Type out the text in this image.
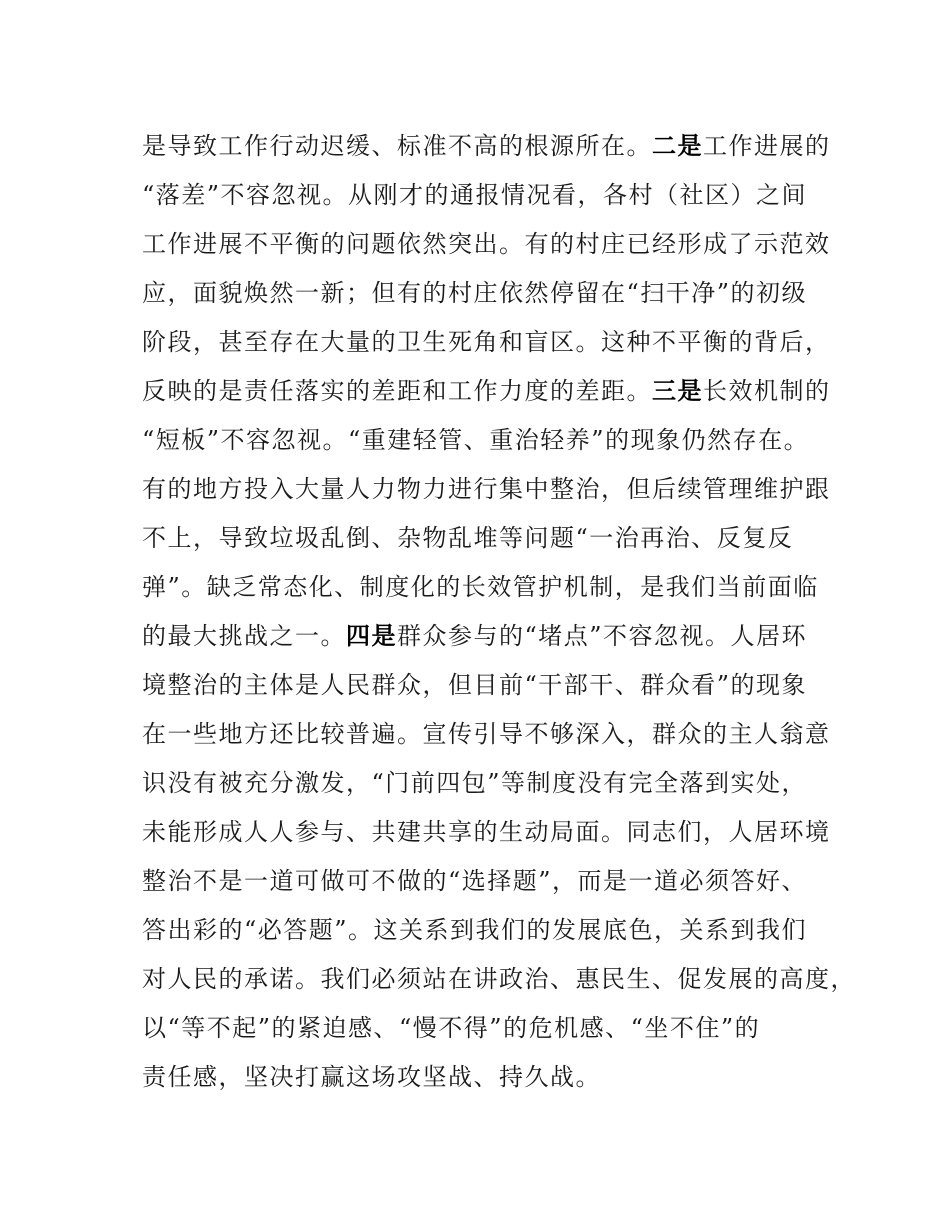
是导致工作行动迟缓、标准不高的根源所在。二是工作进展的
“落差”不容忽视。从刚才的通报情况看，各村（社区）之间
工作进展不平衡的问题依然突出。有的村庄已经形成了示范效
应，面貌焕然一新；但有的村庄依然停留在“扫干净”的初级
阶段，甚至存在大量的卫生死角和盲区。这种不平衡的背后，
反映的是责任落实的差距和工作力度的差距。三是长效机制的
“短板”不容忽视。“重建轻管、重治轻养”的现象仍然存在。
有的地方投入大量人力物力进行集中整治，但后续管理维护跟
不上，导致垃圾乱倒、杂物乱堆等问题“一治再治、反复反
弹”。缺乏常态化、制度化的长效管护机制，是我们当前面临
的最大挑战之一。四是群众参与的“堵点”不容忽视。人居环
境整治的主体是人民群众，但目前“干部干、群众看”的现象
在一些地方还比较普遍。宣传引导不够深入，群众的主人翁意
识没有被充分激发，“门前四包”等制度没有完全落到实处，
未能形成人人参与、共建共享的生动局面。同志们，人居环境
整治不是一道可做可不做的“选择题”，而是一道必须答好、
答出彩的“必答题”。这关系到我们的发展底色，关系到我们
对人民的承诺。我们必须站在讲政治、惠民生、促发展的高度，
以“等不起”的紧迫感、“慢不得”的危机感、“坐不住”的
责任感，坚决打赢这场攻坚战、持久战。
